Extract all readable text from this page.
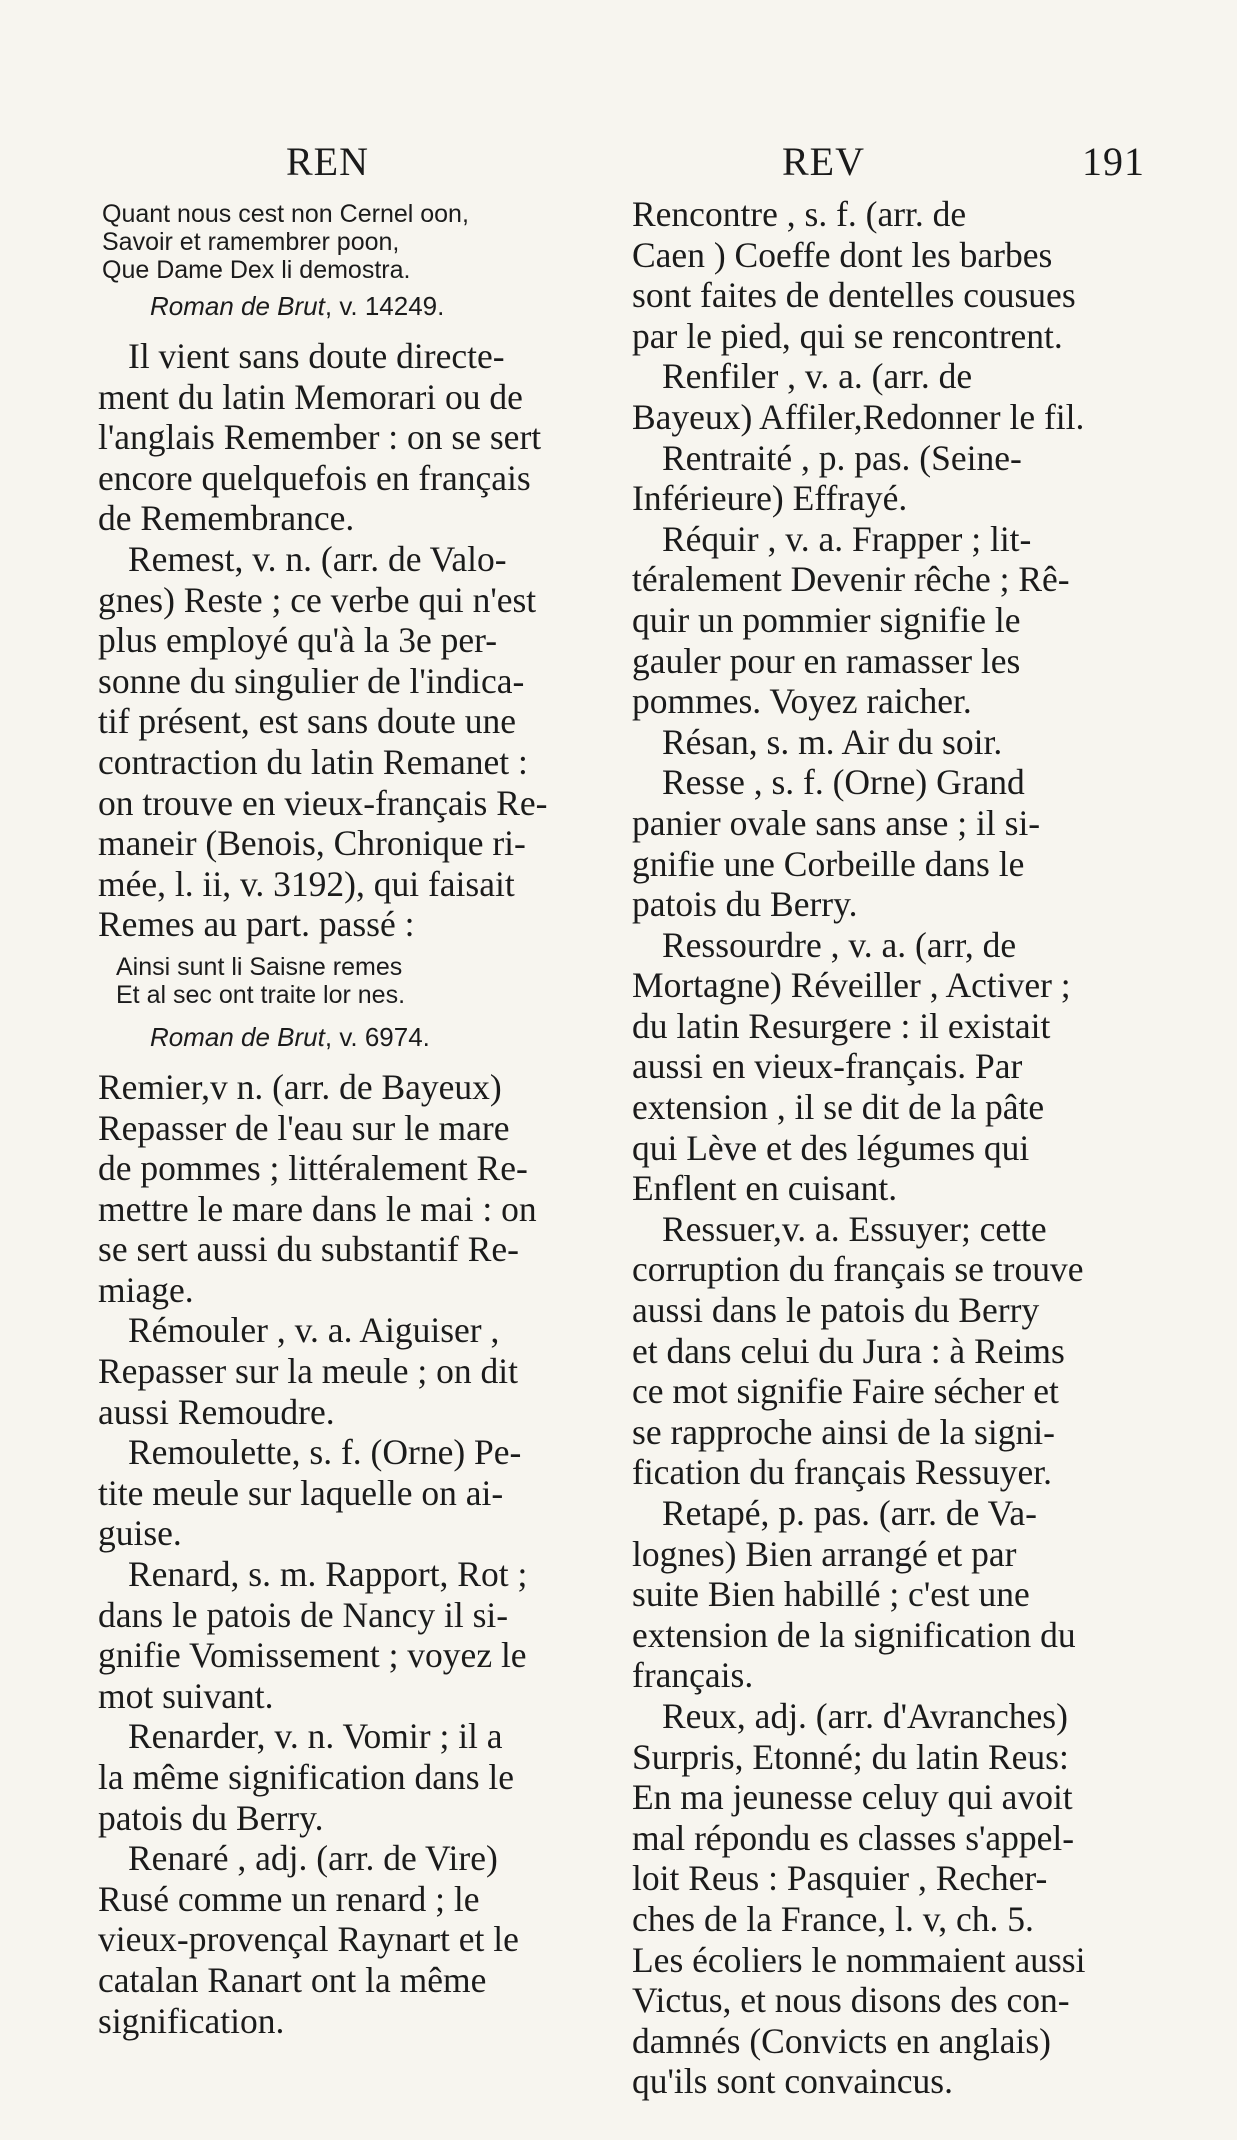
REN	REV	191
Quant nous cest non Cernel oon,
Savoir et ramembrer poon,
Que Dame Dex li demostra.
Roman de Brut, v. 14249.
Il vient sans doute directe-
ment du latin Memorari ou de
l'anglais Remember : on se sert
encore quelquefois en français
de Remembrance.
Remest, v. n. (arr. de Valo-
gnes) Reste ; ce verbe qui n'est
plus employé qu'à la 3e per-
sonne du singulier de l'indica-
tif présent, est sans doute une
contraction du latin Remanet :
on trouve en vieux-français Re-
maneir (Benois, Chronique ri-
mée, l. ii, v. 3192), qui faisait
Remes au part. passé :
Ainsi sunt li Saisne remes
Et al sec ont traite lor nes.
Roman de Brut, v. 6974.
Remier,v n. (arr. de Bayeux)
Repasser de l'eau sur le mare
de pommes ; littéralement Re-
mettre le mare dans le mai : on
se sert aussi du substantif Re-
miage.
Rémouler , v. a. Aiguiser ,
Repasser sur la meule ; on dit
aussi Remoudre.
Remoulette, s. f. (Orne) Pe-
tite meule sur laquelle on ai-
guise.
Renard, s. m. Rapport, Rot ;
dans le patois de Nancy il si-
gnifie Vomissement ; voyez le
mot suivant.
Renarder, v. n. Vomir ; il a
la même signification dans le
patois du Berry.
Renaré , adj. (arr. de Vire)
Rusé comme un renard ; le
vieux-provençal Raynart et le
catalan Ranart ont la même
signification.
Rencontre , s. f. (arr. de
Caen ) Coeffe dont les barbes
sont faites de dentelles cousues
par le pied, qui se rencontrent.
Renfiler , v. a. (arr. de
Bayeux) Affiler,Redonner le fil.
Rentraité , p. pas. (Seine-
Inférieure) Effrayé.
Réquir , v. a. Frapper ; lit-
téralement Devenir rêche ; Rê-
quir un pommier signifie le
gauler pour en ramasser les
pommes. Voyez raicher.
Résan, s. m. Air du soir.
Resse , s. f. (Orne) Grand
panier ovale sans anse ; il si-
gnifie une Corbeille dans le
patois du Berry.
Ressourdre , v. a. (arr, de
Mortagne) Réveiller , Activer ;
du latin Resurgere : il existait
aussi en vieux-français. Par
extension , il se dit de la pâte
qui Lève et des légumes qui
Enflent en cuisant.
Ressuer,v. a. Essuyer; cette
corruption du français se trouve
aussi dans le patois du Berry
et dans celui du Jura : à Reims
ce mot signifie Faire sécher et
se rapproche ainsi de la signi-
fication du français Ressuyer.
Retapé, p. pas. (arr. de Va-
lognes) Bien arrangé et par
suite Bien habillé ; c'est une
extension de la signification du
français.
Reux, adj. (arr. d'Avranches)
Surpris, Etonné; du latin Reus:
En ma jeunesse celuy qui avoit
mal répondu es classes s'appel-
loit Reus : Pasquier , Recher-
ches de la France, l. v, ch. 5.
Les écoliers le nommaient aussi
Victus, et nous disons des con-
damnés (Convicts en anglais)
qu'ils sont convaincus.
